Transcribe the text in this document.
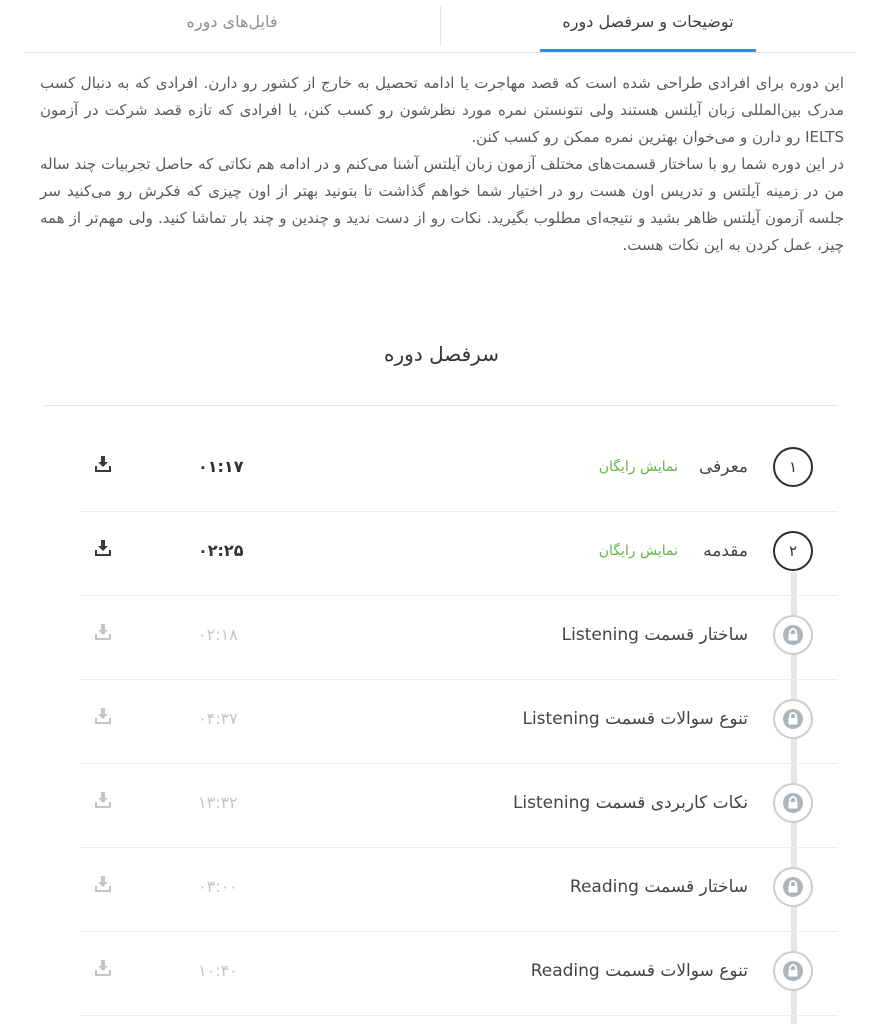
فایل‌های دوره	توضیحات و سرفصل دوره

این دوره برای افرادی طراحی شده است که قصد مهاجرت یا ادامه تحصیل به خارج از کشور رو دارن. افرادی که به دنبال کسب مدرک بین‌المللی زبان آیلتس هستند ولی نتونستن نمره مورد نظرشون رو کسب کنن، یا افرادی که تازه قصد شرکت در آزمون IELTS رو دارن و می‌خوان بهترین نمره ممکن رو کسب کنن.

در این دوره شما رو با ساختار قسمت‌های مختلف آزمون زبان آیلتس آشنا می‌کنم و در ادامه هم نکاتی که حاصل تجربیات چند ساله من در زمینه آیلتس و تدریس اون هست رو در اختیار شما خواهم گذاشت تا بتونید بهتر از اون چیزی که فکرش رو می‌کنید سر جلسه آزمون آیلتس ظاهر بشید و نتیجه‌ای مطلوب بگیرید. نکات رو از دست ندید و چندین و چند بار تماشا کنید. ولی مهم‌تر از همه چیز، عمل کردن به این نکات هست.

سرفصل دوره
۱
معرفی
نمایش رایگان
۰۱:۱۷
۲
مقدمه
نمایش رایگان
۰۲:۲۵
ساختار قسمت Listening
۰۲:۱۸
تنوع سوالات قسمت Listening
۰۴:۳۷
نکات کاربردی قسمت Listening
۱۳:۳۲
ساختار قسمت Reading
۰۳:۰۰
تنوع سوالات قسمت Reading
۱۰:۴۰
